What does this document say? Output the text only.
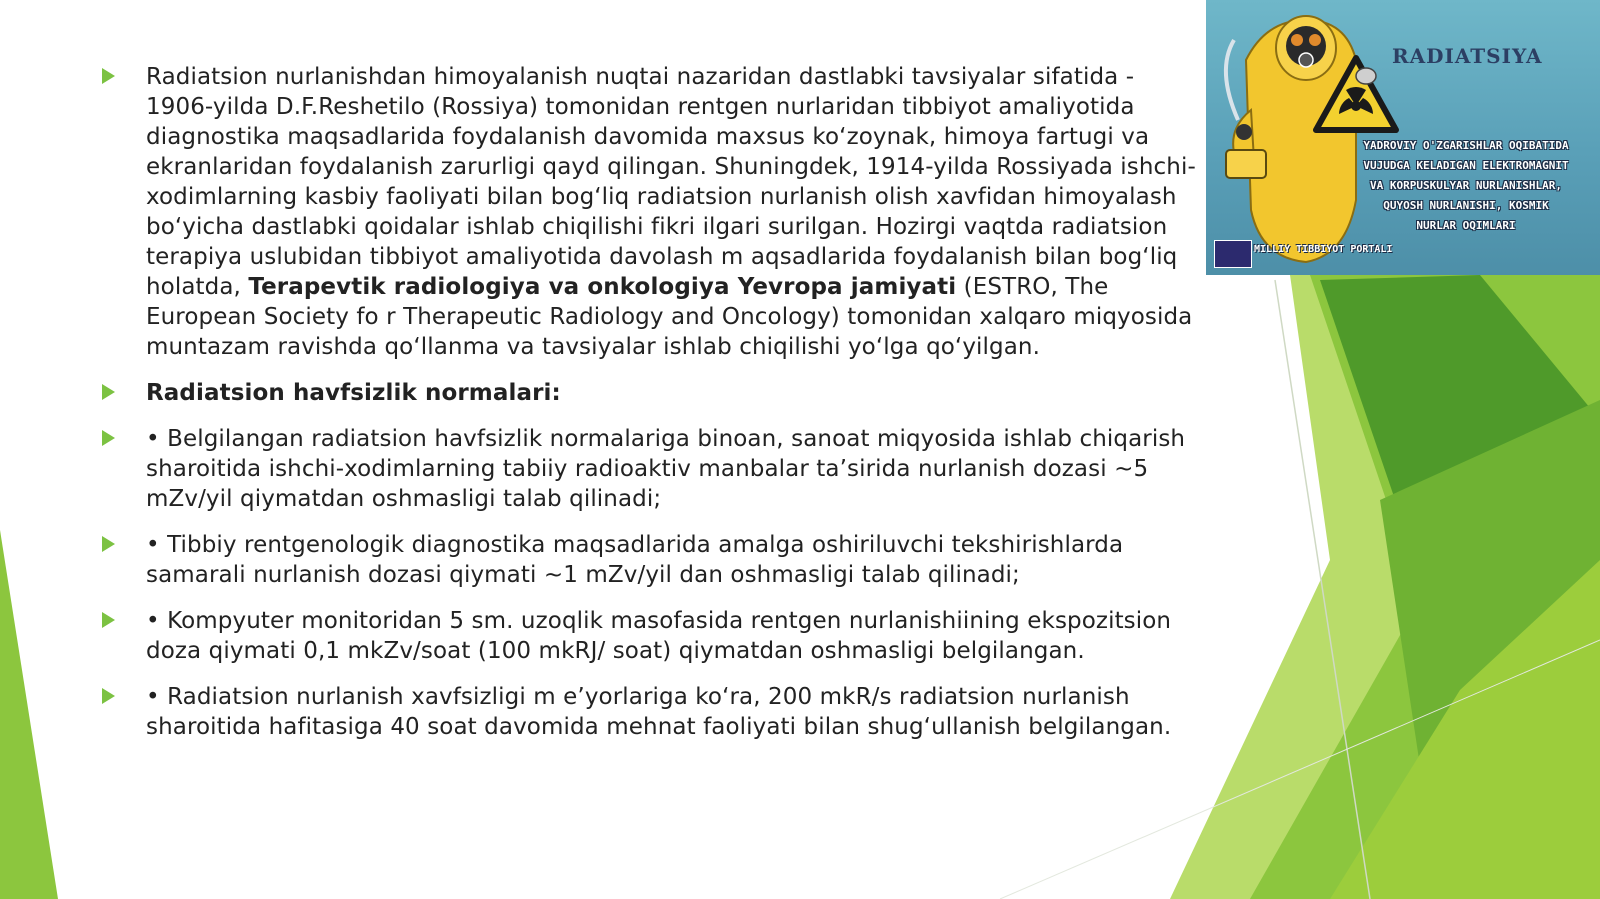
Radiatsion nurlanishdan himoyalanish nuqtai nazaridan dastlabki tavsiyalar sifatida - 1906-yilda D.F.Reshetilo (Rossiya) tomonidan rentgen nurlaridan tibbiyot amaliyotida diagnostika maqsadlarida foydalanish davomida maxsus ko‘zoynak, himoya fartugi va ekranlaridan foydalanish zarurligi qayd qilingan. Shuningdek, 1914-yilda Rossiyada ishchi-xodimlarning kasbiy faoliyati bilan bog‘liq radiatsion nurlanish olish xavfidan himoyalash bo‘yicha dastlabki qoidalar ishlab chiqilishi fikri ilgari surilgan. Hozirgi vaqtda radiatsion terapiya uslubidan tibbiyot amaliyotida davolash m aqsadlarida foydalanish bilan bog‘liq holatda, Terapevtik radiologiya va onkologiya Yevropa jamiyati (ESTRO, The European Society fo r Therapeutic Radiology and Oncology) tomonidan xalqaro miqyosida muntazam ravishda qo‘llanma va tavsiyalar ishlab chiqilishi yo‘lga qo‘yilgan.
Radiatsion havfsizlik normalari:
• Belgilangan radiatsion havfsizlik normalariga binoan, sanoat miqyosida ishlab chiqarish sharoitida ishchi-xodimlarning tabiiy radioaktiv manbalar ta’sirida nurlanish dozasi ~5 mZv/yil qiymatdan oshmasligi talab qilinadi;
• Tibbiy rentgenologik diagnostika maqsadlarida amalga oshiriluvchi tekshirishlarda samarali nurlanish dozasi qiymati ~1 mZv/yil dan oshmasligi talab qilinadi;
• Kompyuter monitoridan 5 sm. uzoqlik masofasida rentgen nurlanishiining ekspozitsion doza qiymati 0,1 mkZv/soat (100 mkRJ/ soat) qiymatdan oshmasligi belgilangan.
• Radiatsion nurlanish xavfsizligi m e’yorlariga ko‘ra, 200 mkR/s radiatsion nurlanish sharoitida hafitasiga 40 soat davomida mehnat faoliyati bilan shug‘ullanish belgilangan.
RADIATSIYA
YADROVIY O'ZGARISHLAR OQIBATIDA
VUJUDGA KELADIGAN ELEKTROMAGNIT
VA KORPUSKULYAR NURLANISHLAR,
QUYOSH NURLANISHI, KOSMIK
NURLAR OQIMLARI
MILLIY TIBBIYOT PORTALI
